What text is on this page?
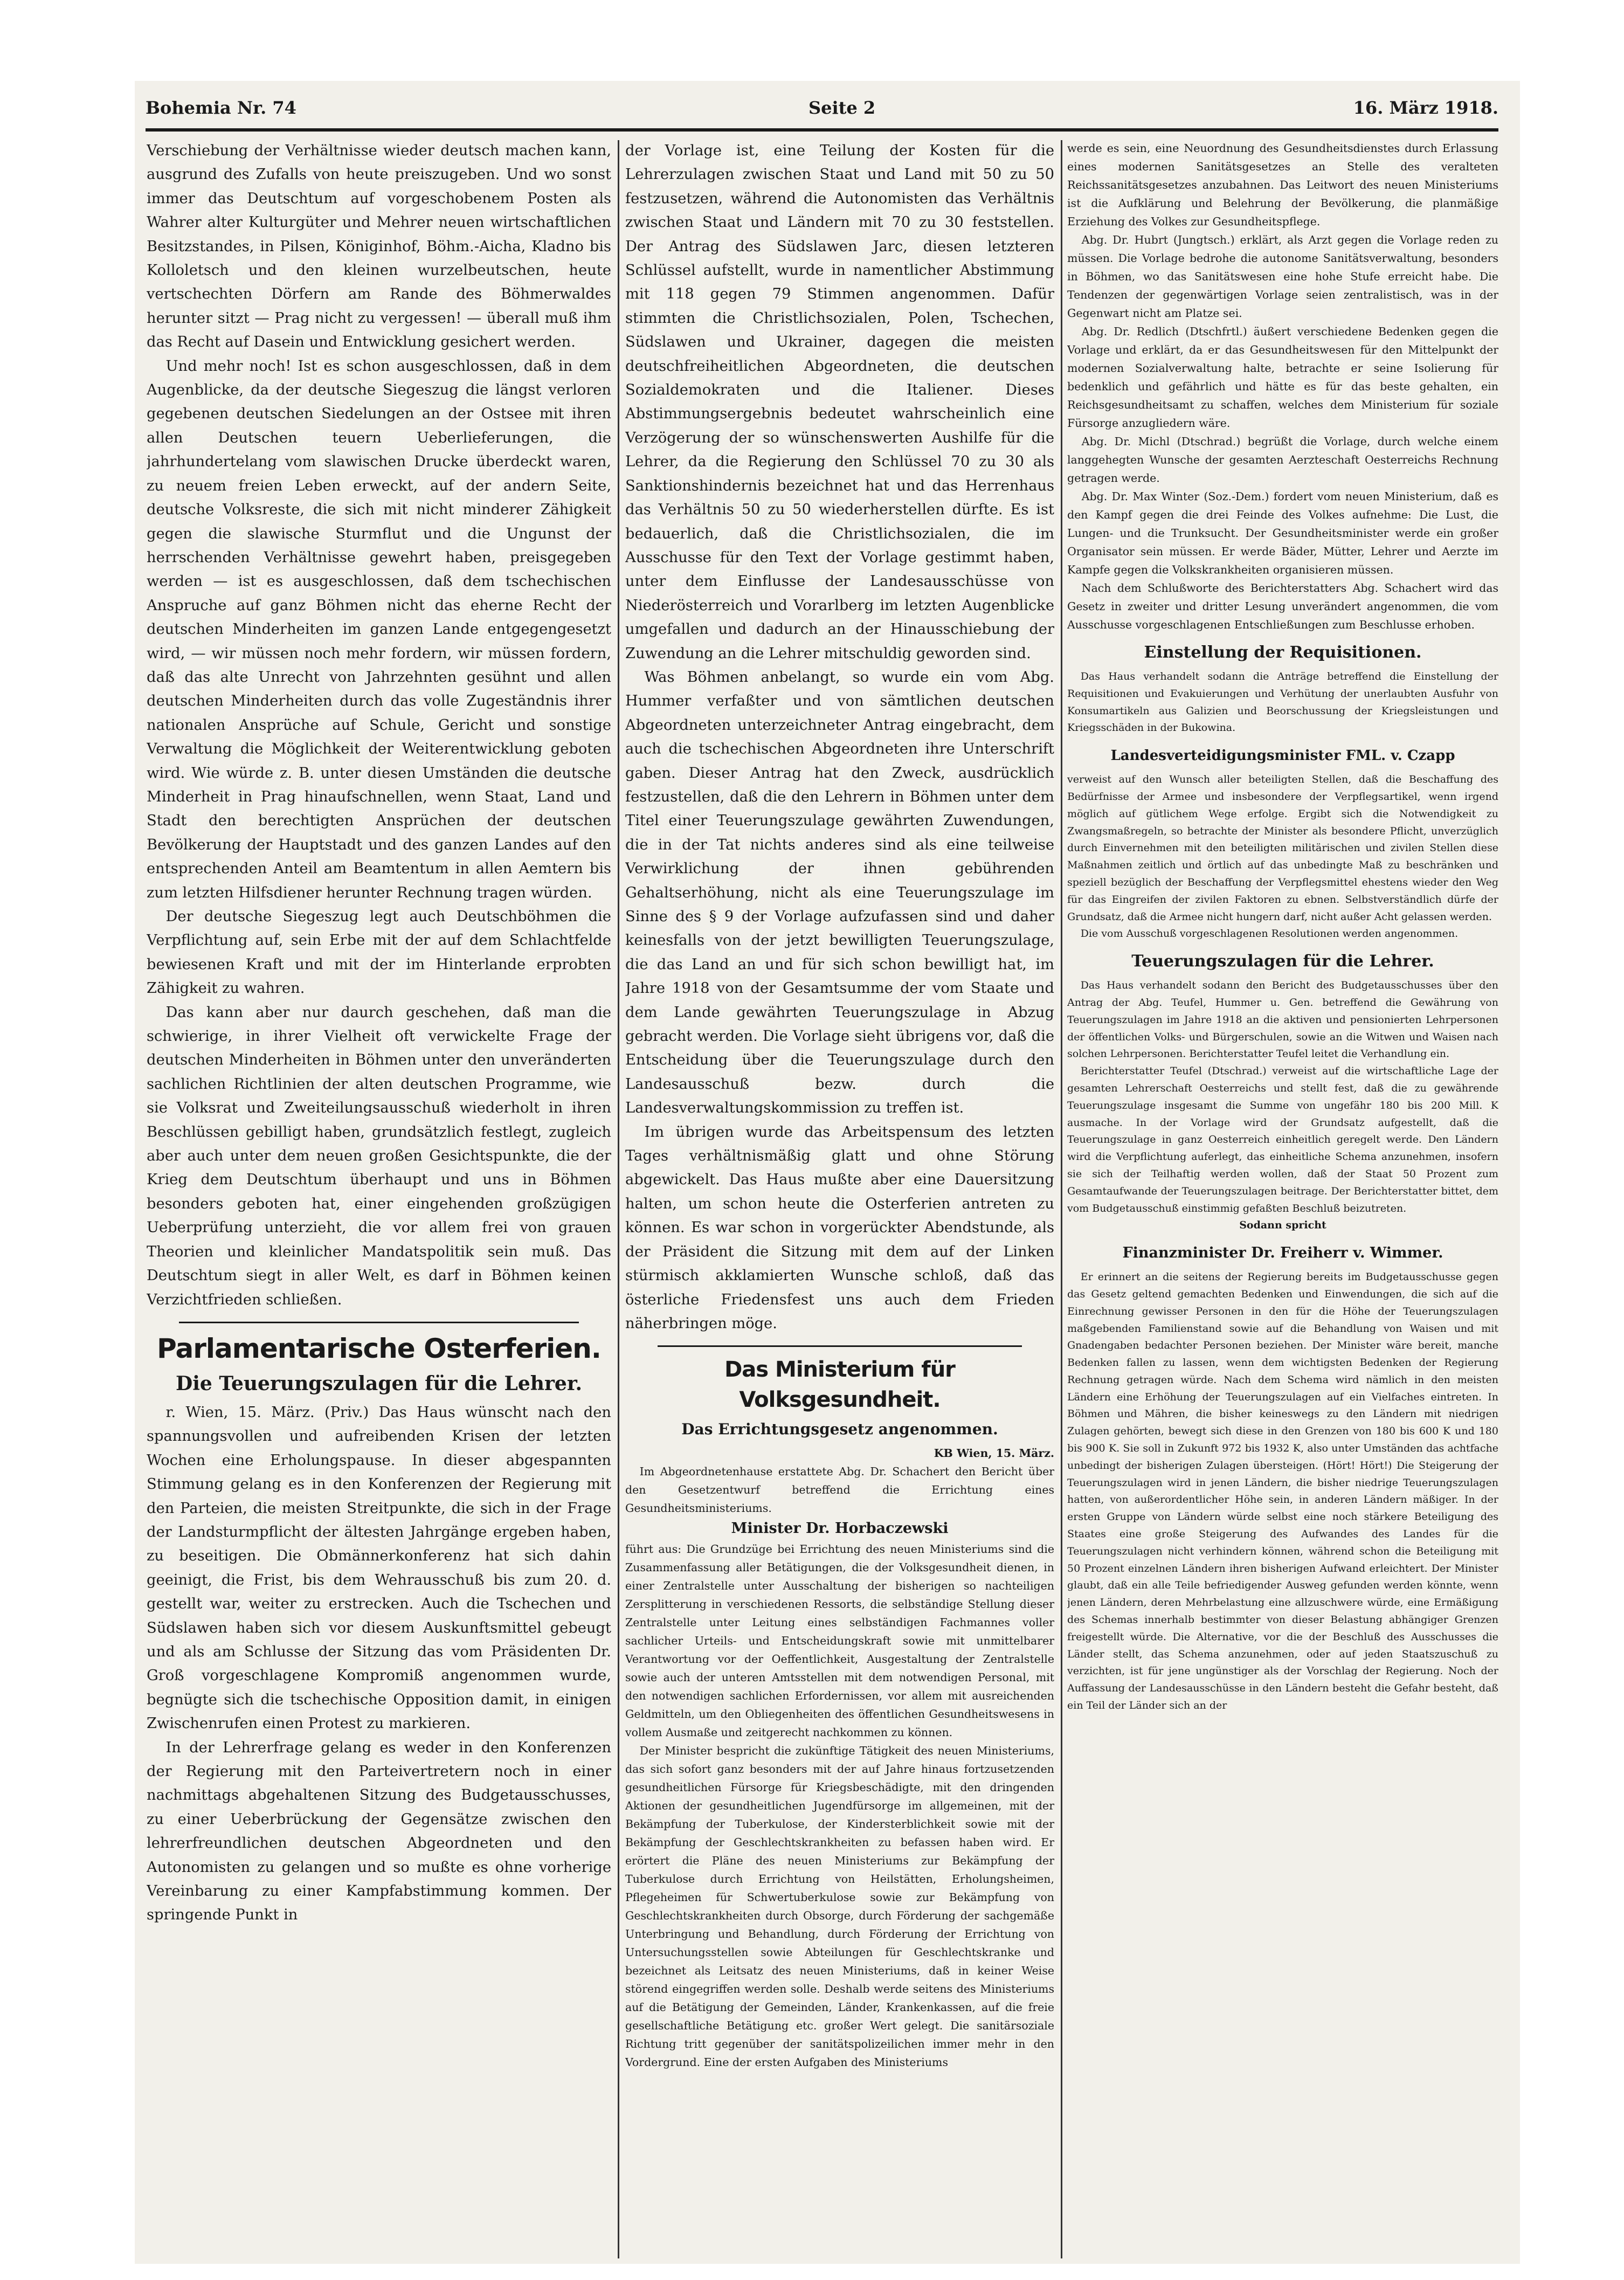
Bohemia Nr. 74	Seite 2	16. März 1918.

Verschiebung der Verhältnisse wieder deutsch machen kann, ausgrund des Zufalls von heute preiszugeben. Und wo sonst immer das Deutschtum auf vorgeschobenem Posten als Wahrer alter Kulturgüter und Mehrer neuen wirtschaftlichen Besitzstandes, in Pilsen, Königinhof, Böhm.-Aicha, Kladno bis Kolloletsch und den kleinen wurzelbeutschen, heute vertschechten Dörfern am Rande des Böhmerwaldes herunter sitzt — Prag nicht zu vergessen! — überall muß ihm das Recht auf Dasein und Entwicklung gesichert werden.

Und mehr noch! Ist es schon ausgeschlossen, daß in dem Augenblicke, da der deutsche Siegeszug die längst verloren gegebenen deutschen Siedelungen an der Ostsee mit ihren allen Deutschen teuern Ueberlieferungen, die jahrhundertelang vom slawischen Drucke überdeckt waren, zu neuem freien Leben erweckt, auf der andern Seite, deutsche Volksreste, die sich mit nicht minderer Zähigkeit gegen die slawische Sturmflut und die Ungunst der herrschenden Verhältnisse gewehrt haben, preisgegeben werden — ist es ausgeschlossen, daß dem tschechischen Anspruche auf ganz Böhmen nicht das eherne Recht der deutschen Minderheiten im ganzen Lande entgegengesetzt wird, — wir müssen noch mehr fordern, wir müssen fordern, daß das alte Unrecht von Jahrzehnten gesühnt und allen deutschen Minderheiten durch das volle Zugeständnis ihrer nationalen Ansprüche auf Schule, Gericht und sonstige Verwaltung die Möglichkeit der Weiterentwicklung geboten wird. Wie würde z. B. unter diesen Umständen die deutsche Minderheit in Prag hinaufschnellen, wenn Staat, Land und Stadt den berechtigten Ansprüchen der deutschen Bevölkerung der Hauptstadt und des ganzen Landes auf den entsprechenden Anteil am Beamtentum in allen Aemtern bis zum letzten Hilfsdiener herunter Rechnung tragen würden.

Der deutsche Siegeszug legt auch Deutschböhmen die Verpflichtung auf, sein Erbe mit der auf dem Schlachtfelde bewiesenen Kraft und mit der im Hinterlande erprobten Zähigkeit zu wahren.

Das kann aber nur daurch geschehen, daß man die schwierige, in ihrer Vielheit oft verwickelte Frage der deutschen Minderheiten in Böhmen unter den unveränderten sachlichen Richtlinien der alten deutschen Programme, wie sie Volksrat und Zweiteilungsausschuß wiederholt in ihren Beschlüssen gebilligt haben, grundsätzlich festlegt, zugleich aber auch unter dem neuen großen Gesichtspunkte, die der Krieg dem Deutschtum überhaupt und uns in Böhmen besonders geboten hat, einer eingehenden großzügigen Ueberprüfung unterzieht, die vor allem frei von grauen Theorien und kleinlicher Mandatspolitik sein muß. Das Deutschtum siegt in aller Welt, es darf in Böhmen keinen Verzichtfrieden schließen.

Parlamentarische Osterferien.
Die Teuerungszulagen für die Lehrer.

r. Wien, 15. März. (Priv.) Das Haus wünscht nach den spannungsvollen und aufreibenden Krisen der letzten Wochen eine Erholungspause. In dieser abgespannten Stimmung gelang es in den Konferenzen der Regierung mit den Parteien, die meisten Streitpunkte, die sich in der Frage der Landsturmpflicht der ältesten Jahrgänge ergeben haben, zu beseitigen. Die Obmännerkonferenz hat sich dahin geeinigt, die Frist, bis dem Wehrausschuß bis zum 20. d. gestellt war, weiter zu erstrecken. Auch die Tschechen und Südslawen haben sich vor diesem Auskunftsmittel gebeugt und als am Schlusse der Sitzung das vom Präsidenten Dr. Groß vorgeschlagene Kompromiß angenommen wurde, begnügte sich die tschechische Opposition damit, in einigen Zwischenrufen einen Protest zu markieren.

In der Lehrerfrage gelang es weder in den Konferenzen der Regierung mit den Parteivertretern noch in einer nachmittags abgehaltenen Sitzung des Budgetausschusses, zu einer Ueberbrückung der Gegensätze zwischen den lehrerfreundlichen deutschen Abgeordneten und den Autonomisten zu gelangen und so mußte es ohne vorherige Vereinbarung zu einer Kampfabstimmung kommen. Der springende Punkt in

der Vorlage ist, eine Teilung der Kosten für die Lehrerzulagen zwischen Staat und Land mit 50 zu 50 festzusetzen, während die Autonomisten das Verhältnis zwischen Staat und Ländern mit 70 zu 30 feststellen. Der Antrag des Südslawen Jarc, diesen letzteren Schlüssel aufstellt, wurde in namentlicher Abstimmung mit 118 gegen 79 Stimmen angenommen. Dafür stimmten die Christlichsozialen, Polen, Tschechen, Südslawen und Ukrainer, dagegen die meisten deutschfreiheitlichen Abgeordneten, die deutschen Sozialdemokraten und die Italiener. Dieses Abstimmungsergebnis bedeutet wahrscheinlich eine Verzögerung der so wünschenswerten Aushilfe für die Lehrer, da die Regierung den Schlüssel 70 zu 30 als Sanktionshindernis bezeichnet hat und das Herrenhaus das Verhältnis 50 zu 50 wiederherstellen dürfte. Es ist bedauerlich, daß die Christlichsozialen, die im Ausschusse für den Text der Vorlage gestimmt haben, unter dem Einflusse der Landesausschüsse von Niederösterreich und Vorarlberg im letzten Augenblicke umgefallen und dadurch an der Hinausschiebung der Zuwendung an die Lehrer mitschuldig geworden sind.

Was Böhmen anbelangt, so wurde ein vom Abg. Hummer verfaßter und von sämtlichen deutschen Abgeordneten unterzeichneter Antrag eingebracht, dem auch die tschechischen Abgeordneten ihre Unterschrift gaben. Dieser Antrag hat den Zweck, ausdrücklich festzustellen, daß die den Lehrern in Böhmen unter dem Titel einer Teuerungszulage gewährten Zuwendungen, die in der Tat nichts anderes sind als eine teilweise Verwirklichung der ihnen gebührenden Gehaltserhöhung, nicht als eine Teuerungszulage im Sinne des § 9 der Vorlage aufzufassen sind und daher keinesfalls von der jetzt bewilligten Teuerungszulage, die das Land an und für sich schon bewilligt hat, im Jahre 1918 von der Gesamtsumme der vom Staate und dem Lande gewährten Teuerungszulage in Abzug gebracht werden. Die Vorlage sieht übrigens vor, daß die Entscheidung über die Teuerungszulage durch den Landesausschuß bezw. durch die Landesverwaltungskommission zu treffen ist.

Im übrigen wurde das Arbeitspensum des letzten Tages verhältnismäßig glatt und ohne Störung abgewickelt. Das Haus mußte aber eine Dauersitzung halten, um schon heute die Osterferien antreten zu können. Es war schon in vorgerückter Abendstunde, als der Präsident die Sitzung mit dem auf der Linken stürmisch akklamierten Wunsche schloß, daß das österliche Friedensfest uns auch dem Frieden näherbringen möge.

Das Ministerium für Volksgesundheit.
Das Errichtungsgesetz angenommen.

KB Wien, 15. März.

Im Abgeordnetenhause erstattete Abg. Dr. Schachert den Bericht über den Gesetzentwurf betreffend die Errichtung eines Gesundheitsministeriums.

Minister Dr. Horbaczewski

führt aus: Die Grundzüge bei Errichtung des neuen Ministeriums sind die Zusammenfassung aller Betätigungen, die der Volksgesundheit dienen, in einer Zentralstelle unter Ausschaltung der bisherigen so nachteiligen Zersplitterung in verschiedenen Ressorts, die selbständige Stellung dieser Zentralstelle unter Leitung eines selbständigen Fachmannes voller sachlicher Urteils- und Entscheidungskraft sowie mit unmittelbarer Verantwortung vor der Oeffentlichkeit, Ausgestaltung der Zentralstelle sowie auch der unteren Amtsstellen mit dem notwendigen Personal, mit den notwendigen sachlichen Erfordernissen, vor allem mit ausreichenden Geldmitteln, um den Obliegenheiten des öffentlichen Gesundheitswesens in vollem Ausmaße und zeitgerecht nachkommen zu können.

Der Minister bespricht die zukünftige Tätigkeit des neuen Ministeriums, das sich sofort ganz besonders mit der auf Jahre hinaus fortzusetzenden gesundheitlichen Fürsorge für Kriegsbeschädigte, mit den dringenden Aktionen der gesundheitlichen Jugendfürsorge im allgemeinen, mit der Bekämpfung der Tuberkulose, der Kindersterblichkeit sowie mit der Bekämpfung der Geschlechtskrankheiten zu befassen haben wird. Er erörtert die Pläne des neuen Ministeriums zur Bekämpfung der Tuberkulose durch Errichtung von Heilstätten, Erholungsheimen, Pflegeheimen für Schwertuberkulose sowie zur Bekämpfung von Geschlechtskrankheiten durch Obsorge, durch Förderung der sachgemäße Unterbringung und Behandlung, durch Förderung der Errichtung von Untersuchungsstellen sowie Abteilungen für Geschlechtskranke und bezeichnet als Leitsatz des neuen Ministeriums, daß in keiner Weise störend eingegriffen werden solle. Deshalb werde seitens des Ministeriums auf die Betätigung der Gemeinden, Länder, Krankenkassen, auf die freie gesellschaftliche Betätigung etc. großer Wert gelegt. Die sanitärsoziale Richtung tritt gegenüber der sanitätspolizeilichen immer mehr in den Vordergrund. Eine der ersten Aufgaben des Ministeriums

werde es sein, eine Neuordnung des Gesundheitsdienstes durch Erlassung eines modernen Sanitätsgesetzes an Stelle des veralteten Reichssanitätsgesetzes anzubahnen. Das Leitwort des neuen Ministeriums ist die Aufklärung und Belehrung der Bevölkerung, die planmäßige Erziehung des Volkes zur Gesundheitspflege.

Abg. Dr. Hubrt (Jungtsch.) erklärt, als Arzt gegen die Vorlage reden zu müssen. Die Vorlage bedrohe die autonome Sanitätsverwaltung, besonders in Böhmen, wo das Sanitätswesen eine hohe Stufe erreicht habe. Die Tendenzen der gegenwärtigen Vorlage seien zentralistisch, was in der Gegenwart nicht am Platze sei.

Abg. Dr. Redlich (Dtschfrtl.) äußert verschiedene Bedenken gegen die Vorlage und erklärt, da er das Gesundheitswesen für den Mittelpunkt der modernen Sozialverwaltung halte, betrachte er seine Isolierung für bedenklich und gefährlich und hätte es für das beste gehalten, ein Reichsgesundheitsamt zu schaffen, welches dem Ministerium für soziale Fürsorge anzugliedern wäre.

Abg. Dr. Michl (Dtschrad.) begrüßt die Vorlage, durch welche einem langgehegten Wunsche der gesamten Aerzteschaft Oesterreichs Rechnung getragen werde.

Abg. Dr. Max Winter (Soz.-Dem.) fordert vom neuen Ministerium, daß es den Kampf gegen die drei Feinde des Volkes aufnehme: Die Lust, die Lungen- und die Trunksucht. Der Gesundheitsminister werde ein großer Organisator sein müssen. Er werde Bäder, Mütter, Lehrer und Aerzte im Kampfe gegen die Volkskrankheiten organisieren müssen.

Nach dem Schlußworte des Berichterstatters Abg. Schachert wird das Gesetz in zweiter und dritter Lesung unverändert angenommen, die vom Ausschusse vorgeschlagenen Entschließungen zum Beschlusse erhoben.

Einstellung der Requisitionen.

Das Haus verhandelt sodann die Anträge betreffend die Einstellung der Requisitionen und Evakuierungen und Verhütung der unerlaubten Ausfuhr von Konsumartikeln aus Galizien und Beorschussung der Kriegsleistungen und Kriegsschäden in der Bukowina.

Landesverteidigungsminister FML. v. Czapp

verweist auf den Wunsch aller beteiligten Stellen, daß die Beschaffung des Bedürfnisse der Armee und insbesondere der Verpflegsartikel, wenn irgend möglich auf gütlichem Wege erfolge. Ergibt sich die Notwendigkeit zu Zwangsmaßregeln, so betrachte der Minister als besondere Pflicht, unverzüglich durch Einvernehmen mit den beteiligten militärischen und zivilen Stellen diese Maßnahmen zeitlich und örtlich auf das unbedingte Maß zu beschränken und speziell bezüglich der Beschaffung der Verpflegsmittel ehestens wieder den Weg für das Eingreifen der zivilen Faktoren zu ebnen. Selbstverständlich dürfe der Grundsatz, daß die Armee nicht hungern darf, nicht außer Acht gelassen werden.

Die vom Ausschuß vorgeschlagenen Resolutionen werden angenommen.

Teuerungszulagen für die Lehrer.

Das Haus verhandelt sodann den Bericht des Budgetausschusses über den Antrag der Abg. Teufel, Hummer u. Gen. betreffend die Gewährung von Teuerungszulagen im Jahre 1918 an die aktiven und pensionierten Lehrpersonen der öffentlichen Volks- und Bürgerschulen, sowie an die Witwen und Waisen nach solchen Lehrpersonen. Berichterstatter Teufel leitet die Verhandlung ein.

Berichterstatter Teufel (Dtschrad.) verweist auf die wirtschaftliche Lage der gesamten Lehrerschaft Oesterreichs und stellt fest, daß die zu gewährende Teuerungszulage insgesamt die Summe von ungefähr 180 bis 200 Mill. K ausmache. In der Vorlage wird der Grundsatz aufgestellt, daß die Teuerungszulage in ganz Oesterreich einheitlich geregelt werde. Den Ländern wird die Verpflichtung auferlegt, das einheitliche Schema anzunehmen, insofern sie sich der Teilhaftig werden wollen, daß der Staat 50 Prozent zum Gesamtaufwande der Teuerungszulagen beitrage. Der Berichterstatter bittet, dem vom Budgetausschuß einstimmig gefaßten Beschluß beizutreten.

Sodann spricht

Finanzminister Dr. Freiherr v. Wimmer.

Er erinnert an die seitens der Regierung bereits im Budgetausschusse gegen das Gesetz geltend gemachten Bedenken und Einwendungen, die sich auf die Einrechnung gewisser Personen in den für die Höhe der Teuerungszulagen maßgebenden Familienstand sowie auf die Behandlung von Waisen und mit Gnadengaben bedachter Personen beziehen. Der Minister wäre bereit, manche Bedenken fallen zu lassen, wenn dem wichtigsten Bedenken der Regierung Rechnung getragen würde. Nach dem Schema wird nämlich in den meisten Ländern eine Erhöhung der Teuerungszulagen auf ein Vielfaches eintreten. In Böhmen und Mähren, die bisher keineswegs zu den Ländern mit niedrigen Zulagen gehörten, bewegt sich diese in den Grenzen von 180 bis 600 K und 180 bis 900 K. Sie soll in Zukunft 972 bis 1932 K, also unter Umständen das achtfache unbedingt der bisherigen Zulagen übersteigen. (Hört! Hört!) Die Steigerung der Teuerungszulagen wird in jenen Ländern, die bisher niedrige Teuerungszulagen hatten, von außerordentlicher Höhe sein, in anderen Ländern mäßiger. In der ersten Gruppe von Ländern würde selbst eine noch stärkere Beteiligung des Staates eine große Steigerung des Aufwandes des Landes für die Teuerungszulagen nicht verhindern können, während schon die Beteiligung mit 50 Prozent einzelnen Ländern ihren bisherigen Aufwand erleichtert. Der Minister glaubt, daß ein alle Teile befriedigender Ausweg gefunden werden könnte, wenn jenen Ländern, deren Mehrbelastung eine allzuschwere würde, eine Ermäßigung des Schemas innerhalb bestimmter von dieser Belastung abhängiger Grenzen freigestellt würde. Die Alternative, vor die der Beschluß des Ausschusses die Länder stellt, das Schema anzunehmen, oder auf jeden Staatszuschuß zu verzichten, ist für jene ungünstiger als der Vorschlag der Regierung. Noch der Auffassung der Landesausschüsse in den Ländern besteht die Gefahr besteht, daß ein Teil der Länder sich an der
